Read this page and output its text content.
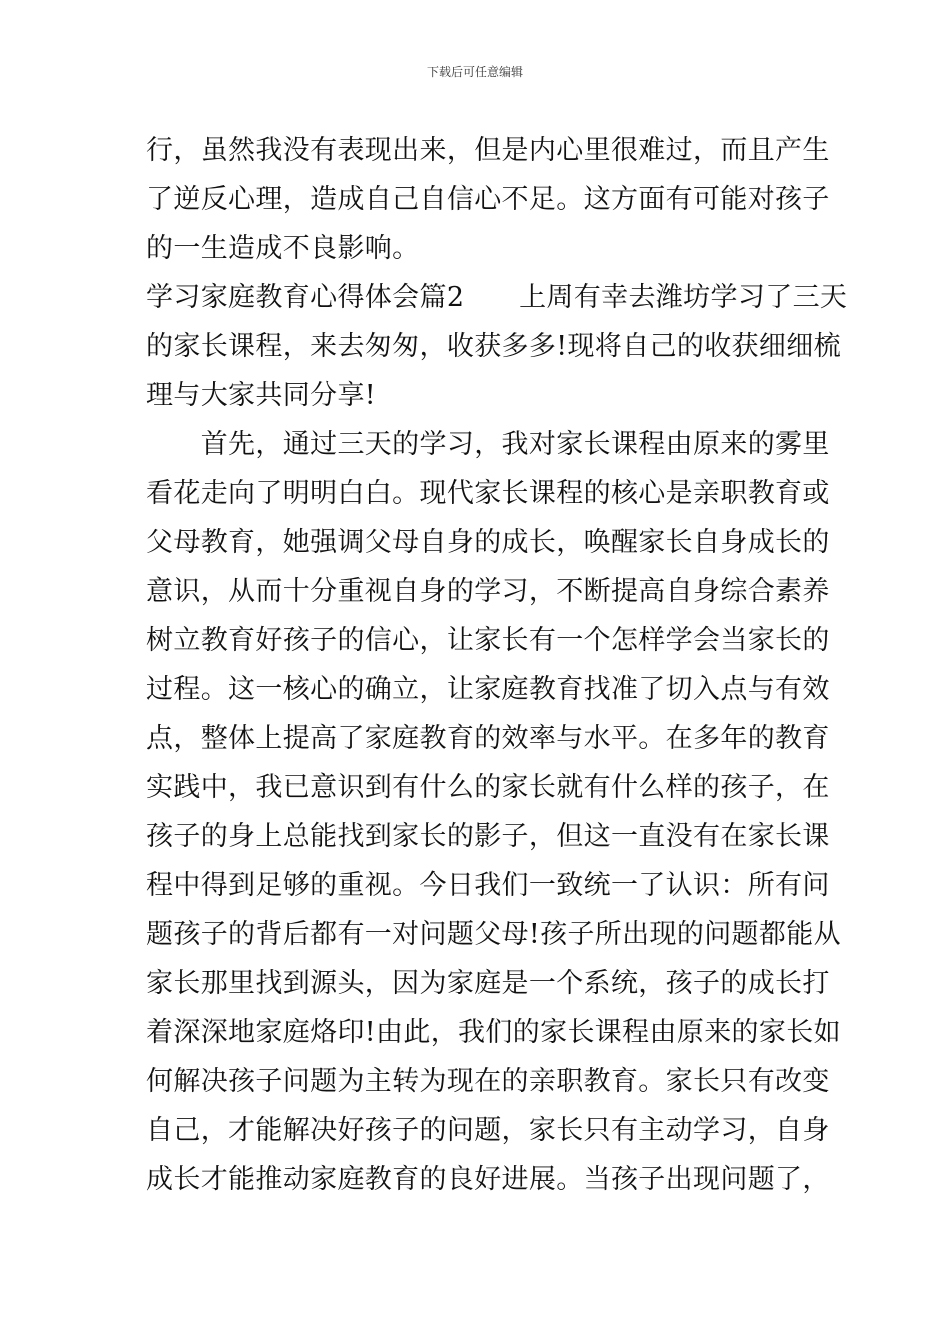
下载后可任意编辑
行，虽然我没有表现出来，但是内心里很难过，而且产生
了逆反心理，造成自己自信心不足。这方面有可能对孩子
的一生造成不良影响。
学习家庭教育心得体会篇2　　上周有幸去潍坊学习了三天
的家长课程，来去匆匆，收获多多!现将自己的收获细细梳
理与大家共同分享!
　　首先，通过三天的学习，我对家长课程由原来的雾里
看花走向了明明白白。现代家长课程的核心是亲职教育或
父母教育，她强调父母自身的成长，唤醒家长自身成长的
意识，从而十分重视自身的学习，不断提高自身综合素养
树立教育好孩子的信心，让家长有一个怎样学会当家长的
过程。这一核心的确立，让家庭教育找准了切入点与有效
点，整体上提高了家庭教育的效率与水平。在多年的教育
实践中，我已意识到有什么的家长就有什么样的孩子，在
孩子的身上总能找到家长的影子，但这一直没有在家长课
程中得到足够的重视。今日我们一致统一了认识：所有问
题孩子的背后都有一对问题父母!孩子所出现的问题都能从
家长那里找到源头，因为家庭是一个系统，孩子的成长打
着深深地家庭烙印!由此，我们的家长课程由原来的家长如
何解决孩子问题为主转为现在的亲职教育。家长只有改变
自己，才能解决好孩子的问题，家长只有主动学习，自身
成长才能推动家庭教育的良好进展。当孩子出现问题了，
